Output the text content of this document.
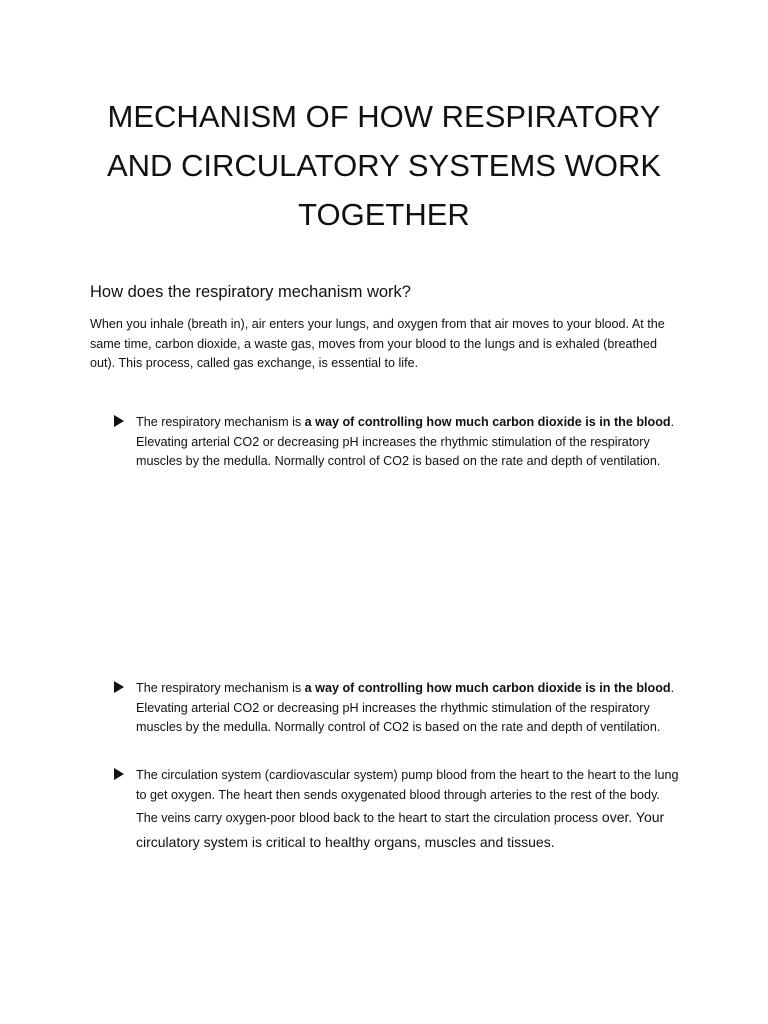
MECHANISM OF HOW RESPIRATORY
AND CIRCULATORY SYSTEMS WORK
TOGETHER
How does the respiratory mechanism work?

When you inhale (breath in), air enters your lungs, and oxygen from that air moves to your blood. At the same time, carbon dioxide, a waste gas, moves from your blood to the lungs and is exhaled (breathed out). This process, called gas exchange, is essential to life.

The respiratory mechanism is a way of controlling how much carbon dioxide is in the blood. Elevating arterial CO2 or decreasing pH increases the rhythmic stimulation of the respiratory muscles by the medulla. Normally control of CO2 is based on the rate and depth of ventilation.
The respiratory mechanism is a way of controlling how much carbon dioxide is in the blood. Elevating arterial CO2 or decreasing pH increases the rhythmic stimulation of the respiratory muscles by the medulla. Normally control of CO2 is based on the rate and depth of ventilation.
The circulation system (cardiovascular system) pump blood from the heart to the heart to the lung to get oxygen. The heart then sends oxygenated blood through arteries to the rest of the body. The veins carry oxygen-poor blood back to the heart to start the circulation process over. Your circulatory system is critical to healthy organs, muscles and tissues.
